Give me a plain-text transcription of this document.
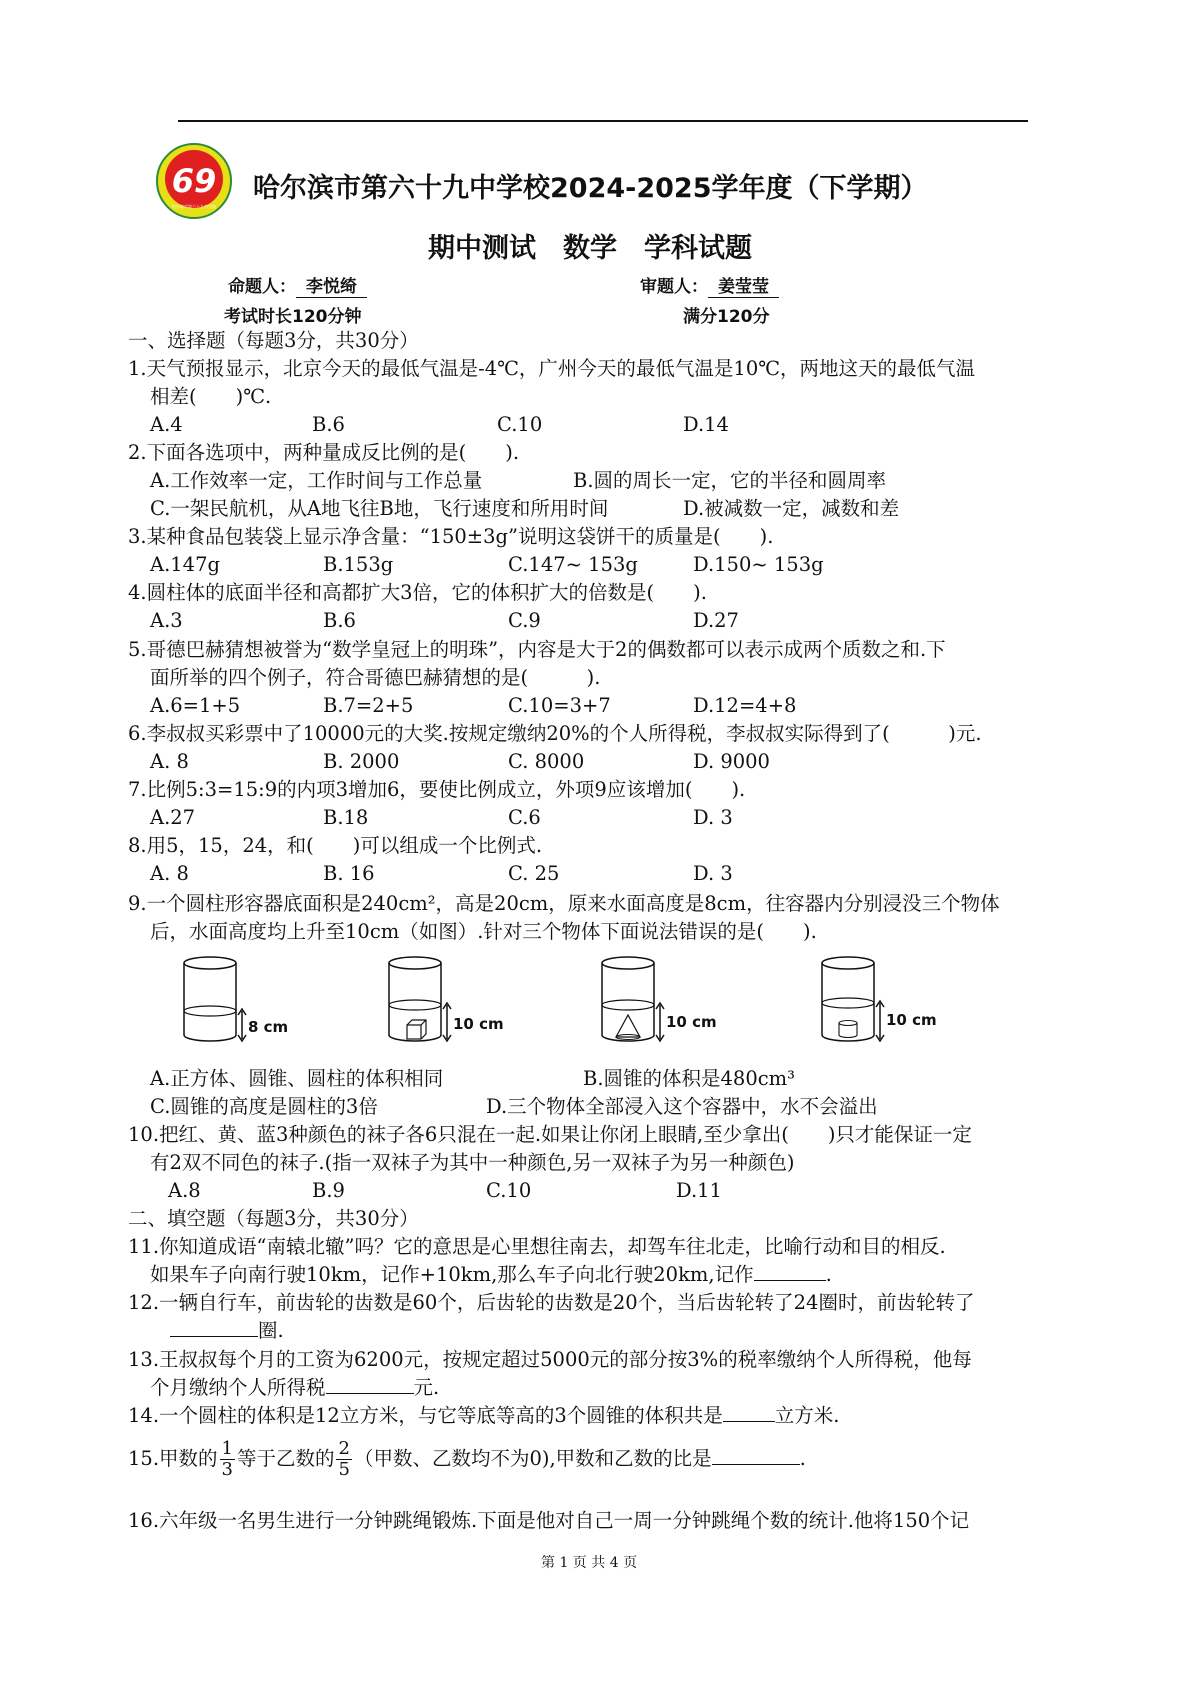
69
哈尔滨市第六十九中学校
哈尔滨市第六十九中学校2024-2025学年度（下学期）
期中测试　数学　学科试题
命题人： 李悦绮	审题人： 姜莹莹
考试时长120分钟	满分120分
一、选择题（每题3分，共30分）
1.天气预报显示，北京今天的最低气温是-4℃，广州今天的最低气温是10℃，两地这天的最低气温
相差(　　)℃.
A.4	B.6	C.10	D.14
2.下面各选项中，两种量成反比例的是(　　).
A.工作效率一定，工作时间与工作总量	B.圆的周长一定，它的半径和圆周率
C.一架民航机，从A地飞往B地，飞行速度和所用时间	D.被减数一定，减数和差
3.某种食品包装袋上显示净含量：“150±3g”说明这袋饼干的质量是(　　).
A.147g	B.153g	C.147~ 153g	D.150~ 153g
4.圆柱体的底面半径和高都扩大3倍，它的体积扩大的倍数是(　　).
A.3	B.6	C.9	D.27
5.哥德巴赫猜想被誉为“数学皇冠上的明珠”，内容是大于2的偶数都可以表示成两个质数之和.下
面所举的四个例子，符合哥德巴赫猜想的是(　　　).
A.6=1+5	B.7=2+5	C.10=3+7	D.12=4+8
6.李叔叔买彩票中了10000元的大奖.按规定缴纳20%的个人所得税，李叔叔实际得到了(　　　)元.
A. 8	B. 2000	C. 8000	D. 9000
7.比例5:3=15:9的内项3增加6，要使比例成立，外项9应该增加(　　).
A.27	B.18	C.6	D. 3
8.用5，15，24，和(　　)可以组成一个比例式.
A. 8	B. 16	C. 25	D. 3
9.一个圆柱形容器底面积是240cm²，高是20cm，原来水面高度是8cm，往容器内分别浸没三个物体
后，水面高度均上升至10cm（如图）.针对三个物体下面说法错误的是(　　).
8 cm	10 cm	10 cm	10 cm
A.正方体、圆锥、圆柱的体积相同	B.圆锥的体积是480cm³
C.圆锥的高度是圆柱的3倍	D.三个物体全部浸入这个容器中，水不会溢出
10.把红、黄、蓝3种颜色的袜子各6只混在一起.如果让你闭上眼睛,至少拿出(　　)只才能保证一定
有2双不同色的袜子.(指一双袜子为其中一种颜色,另一双袜子为另一种颜色)
A.8	B.9	C.10	D.11
二、填空题（每题3分，共30分）
11.你知道成语“南辕北辙”吗？它的意思是心里想往南去，却驾车往北走，比喻行动和目的相反.
如果车子向南行驶10km，记作+10km,那么车子向北行驶20km,记作	.
12.一辆自行车，前齿轮的齿数是60个，后齿轮的齿数是20个，当后齿轮转了24圈时，前齿轮转了
圈.
13.王叔叔每个月的工资为6200元，按规定超过5000元的部分按3%的税率缴纳个人所得税，他每
个月缴纳个人所得税	元.
14.一个圆柱的体积是12立方米，与它等底等高的3个圆锥的体积共是	立方米.
15.甲数的 $\frac{1}{3}$ 等于乙数的 $\frac{2}{5}$ （甲数、乙数均不为0),甲数和乙数的比是	.
16.六年级一名男生进行一分钟跳绳锻炼.下面是他对自己一周一分钟跳绳个数的统计.他将150个记
第 1 页 共 4 页
